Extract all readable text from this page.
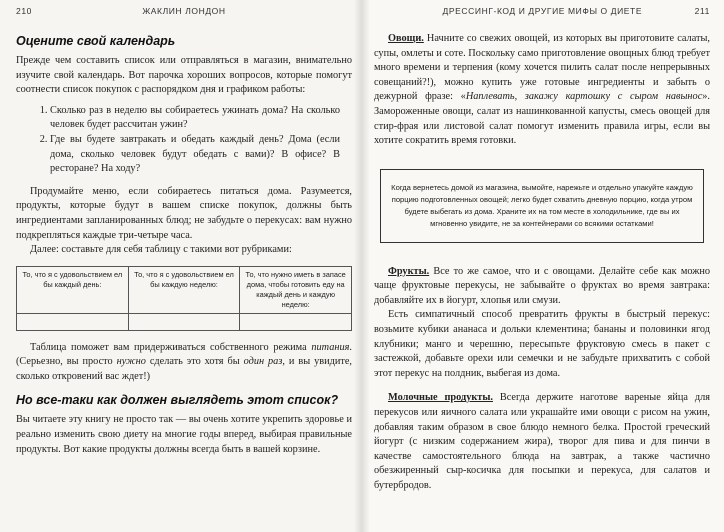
210	ЖАКЛИН ЛОНДОН
Оцените свой календарь

Прежде чем составить список или отправляться в магазин, внимательно изучите свой календарь. Вот парочка хороших вопросов, которые помогут соотнести список покупок с распорядком дня и графиком работы:

1. Сколько раз в неделю вы собираетесь ужинать дома? На сколько человек будет рассчитан ужин?
2. Где вы будете завтракать и обедать каждый день? Дома (если дома, сколько человек будут обедать с вами)? В офисе? В ресторане? На ходу?

Продумайте меню, если собираетесь питаться дома. Разумеется, продукты, которые будут в вашем списке покупок, должны быть ингредиентами запланированных блюд; не забудьте о перекусах: вам нужно подкрепляться каждые три-четыре часа.

Далее: составьте для себя таблицу с такими вот рубриками:

То, что я с удовольствием ел бы каждый день:	То, что я с удовольствием ел бы каждую неделю:	То, что нужно иметь в запасе дома, чтобы готовить еду на каждый день и каждую неделю:

Таблица поможет вам придерживаться собственного режима питания. (Серьезно, вы просто нужно сделать это хотя бы один раз, и вы увидите, сколько откровений вас ждет!)

Но все-таки как должен выглядеть этот список?

Вы читаете эту книгу не просто так — вы очень хотите укрепить здоровье и реально изменить свою диету на многие годы вперед, выбирая правильные продукты. Вот какие продукты должны всегда быть в вашей корзине.

ДРЕССИНГ-КОД И ДРУГИЕ МИФЫ О ДИЕТЕ	211

Овощи. Начните со свежих овощей, из которых вы приготовите салаты, супы, омлеты и соте. Поскольку само приготовление овощных блюд требует много времени и терпения (кому хочется пилить салат после непрерывных совещаний?!), можно купить уже готовые ингредиенты и забыть о дежурной фразе: «Наплевать, закажу картошку с сыром навынос». Замороженные овощи, салат из нашинкованной капусты, смесь овощей для стир-фрая или листовой салат помогут изменить правила игры, если вы хотите сократить время готовки.

Когда вернетесь домой из магазина, вымойте, нарежьте и отдельно упакуйте каждую порцию подготовленных овощей; легко будет схватить дневную порцию, когда утром будете выбегать из дома. Храните их на том месте в холодильнике, где вы их мгновенно увидите, не за контейнерами со всякими остатками!

Фрукты. Все то же самое, что и с овощами. Делайте себе как можно чаще фруктовые перекусы, не забывайте о фруктах во время завтрака: добавляйте их в йогурт, хлопья или смузи.

Есть симпатичный способ превратить фрукты в быстрый перекус: возьмите кубики ананаса и дольки клементина; бананы и половинки ягод клубники; манго и черешню, пересыпьте фруктовую смесь в пакет с застежкой, добавьте орехи или семечки и не забудьте прихватить с собой этот перекус на полдник, выбегая из дома.

Молочные продукты. Всегда держите наготове вареные яйца для перекусов или яичного салата или украшайте ими овощи с рисом на ужин, добавляя таким образом в свое блюдо немного белка. Простой греческий йогурт (с низким содержанием жира), творог для пива и для пинчи в качестве самостоятельного блюда на завтрак, а также частично обезжиренный сыр-косичка для посыпки и перекуса, для салатов и бутербродов.
